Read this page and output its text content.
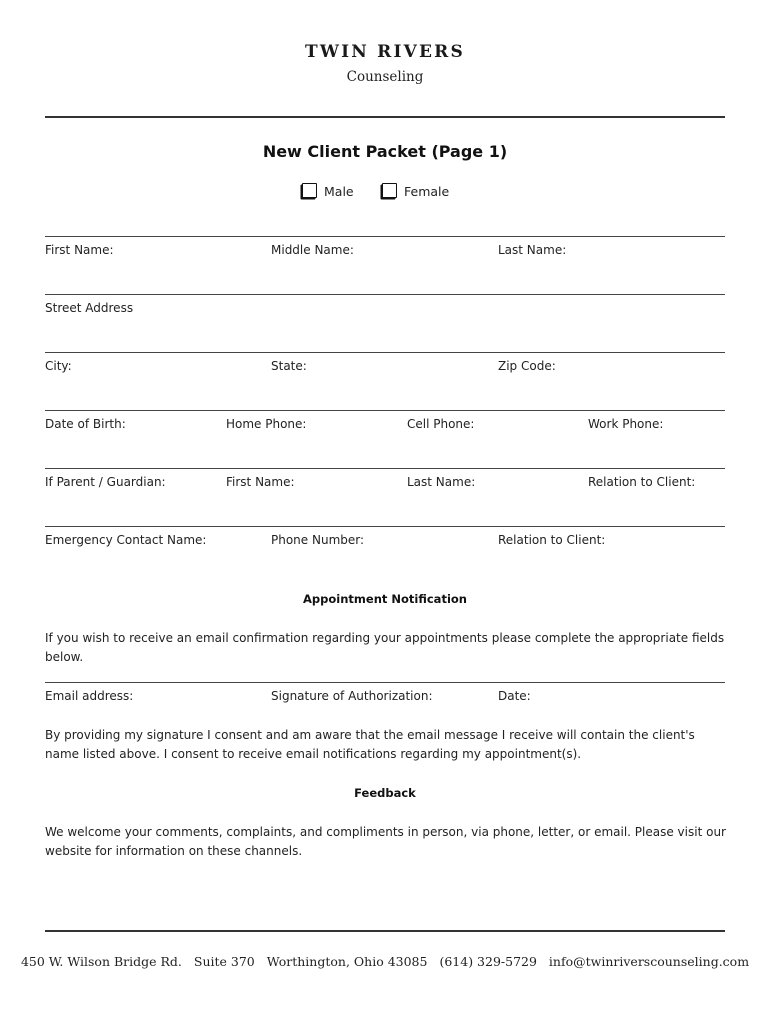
TWIN RIVERS
Counseling
New Client Packet (Page 1)
Male	Female
First Name:	Middle Name:	Last Name:
Street Address
City:	State:	Zip Code:
Date of Birth:	Home Phone:	Cell Phone:	Work Phone:
If Parent / Guardian:	First Name:	Last Name:	Relation to Client:
Emergency Contact Name:	Phone Number:	Relation to Client:
Appointment Notification
If you wish to receive an email confirmation regarding your appointments please complete the appropriate fields below.
Email address:	Signature of Authorization:	Date:
By providing my signature I consent and am aware that the email message I receive will contain the client's name listed above. I consent to receive email notifications regarding my appointment(s).
Feedback
We welcome your comments, complaints, and compliments in person, via phone, letter, or email. Please visit our website for information on these channels.
450 W. Wilson Bridge Rd. Suite 370 Worthington, Ohio 43085 (614) 329-5729 info@twinriverscounseling.com
